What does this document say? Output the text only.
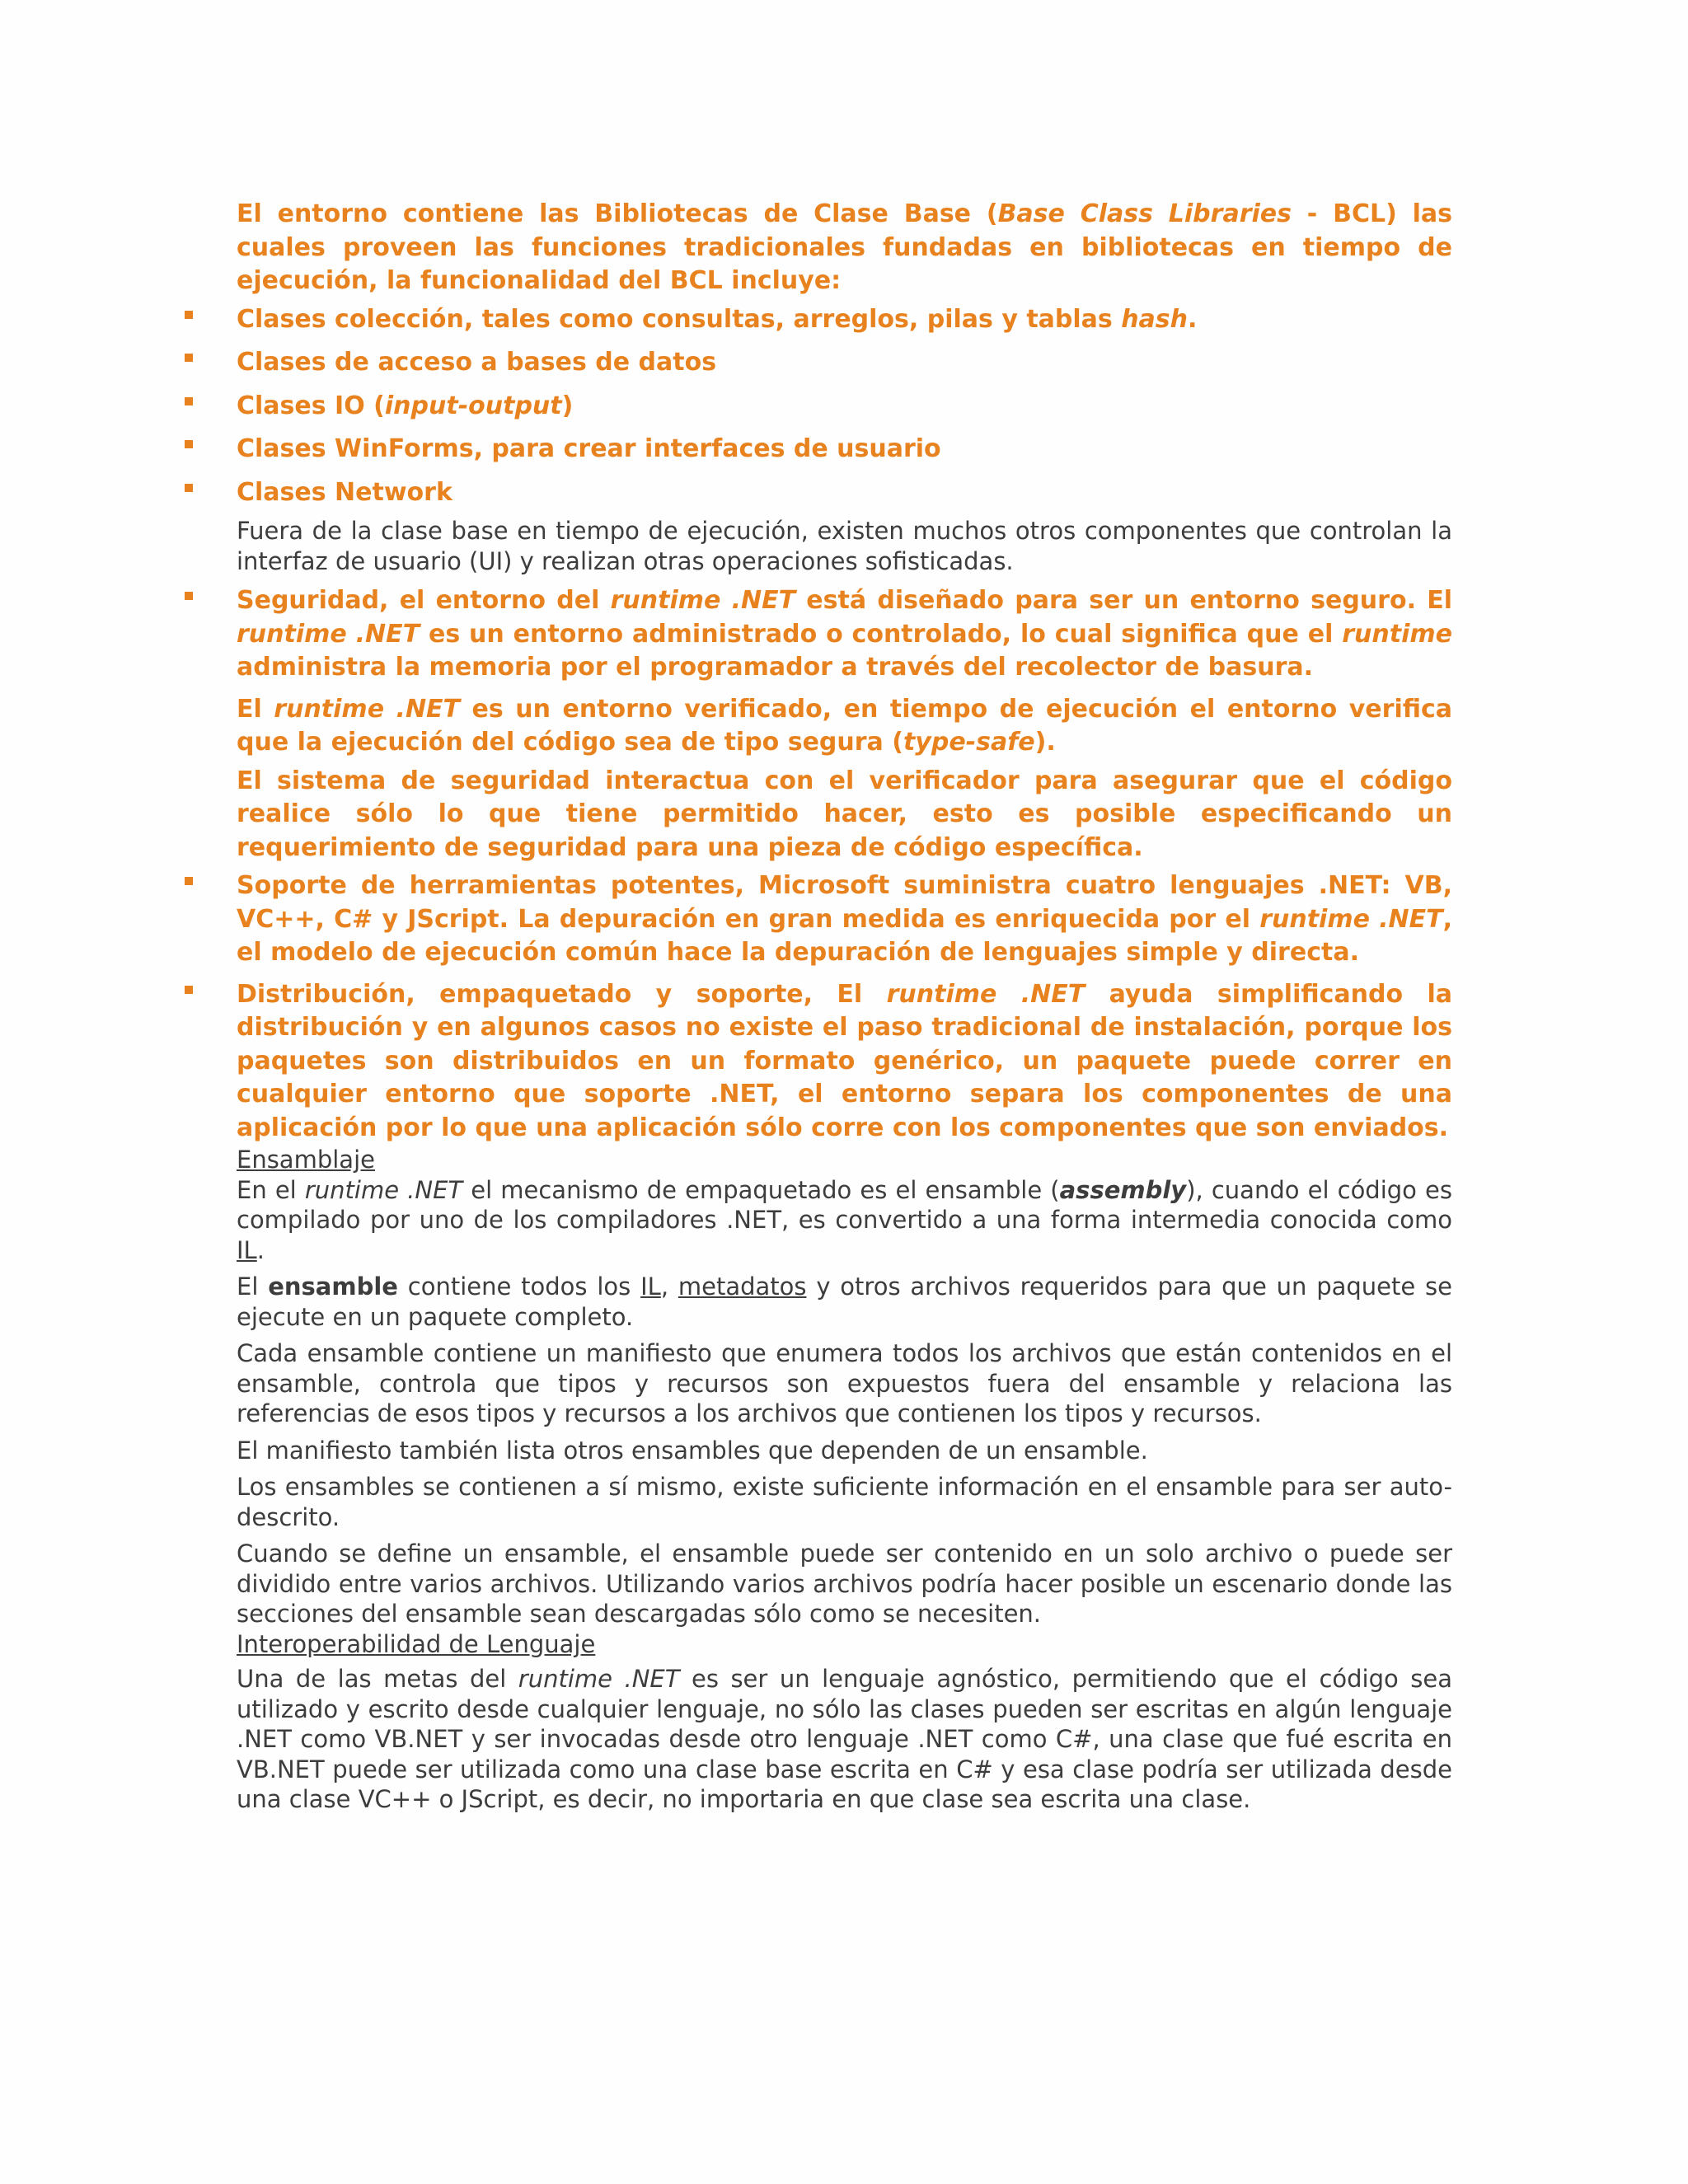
El entorno contiene las Bibliotecas de Clase Base (Base Class Libraries - BCL) las cuales proveen las funciones tradicionales fundadas en bibliotecas en tiempo de ejecución, la funcionalidad del BCL incluye:

Clases colección, tales como consultas, arreglos, pilas y tablas hash.

Clases de acceso a bases de datos

Clases IO (input-output)

Clases WinForms, para crear interfaces de usuario

Clases Network

Fuera de la clase base en tiempo de ejecución, existen muchos otros componentes que controlan la interfaz de usuario (UI) y realizan otras operaciones sofisticadas.

Seguridad, el entorno del runtime .NET está diseñado para ser un entorno seguro. El runtime .NET es un entorno administrado o controlado, lo cual significa que el runtime administra la memoria por el programador a través del recolector de basura.

El runtime .NET es un entorno verificado, en tiempo de ejecución el entorno verifica que la ejecución del código sea de tipo segura (type-safe).

El sistema de seguridad interactua con el verificador para asegurar que el código realice sólo lo que tiene permitido hacer, esto es posible especificando un requerimiento de seguridad para una pieza de código específica.

Soporte de herramientas potentes, Microsoft suministra cuatro lenguajes .NET: VB, VC++, C# y JScript. La depuración en gran medida es enriquecida por el runtime .NET, el modelo de ejecución común hace la depuración de lenguajes simple y directa.

Distribución, empaquetado y soporte, El runtime .NET ayuda simplificando la distribución y en algunos casos no existe el paso tradicional de instalación, porque los paquetes son distribuidos en un formato genérico, un paquete puede correr en cualquier entorno que soporte .NET, el entorno separa los componentes de una aplicación por lo que una aplicación sólo corre con los componentes que son enviados.

Ensamblaje

En el runtime .NET el mecanismo de empaquetado es el ensamble (assembly), cuando el código es compilado por uno de los compiladores .NET, es convertido a una forma intermedia conocida como IL.

El ensamble contiene todos los IL, metadatos y otros archivos requeridos para que un paquete se ejecute en un paquete completo.

Cada ensamble contiene un manifiesto que enumera todos los archivos que están contenidos en el ensamble, controla que tipos y recursos son expuestos fuera del ensamble y relaciona las referencias de esos tipos y recursos a los archivos que contienen los tipos y recursos.

El manifiesto también lista otros ensambles que dependen de un ensamble.

Los ensambles se contienen a sí mismo, existe suficiente información en el ensamble para ser auto-descrito.

Cuando se define un ensamble, el ensamble puede ser contenido en un solo archivo o puede ser dividido entre varios archivos. Utilizando varios archivos podría hacer posible un escenario donde las secciones del ensamble sean descargadas sólo como se necesiten.

Interoperabilidad de Lenguaje

Una de las metas del runtime .NET es ser un lenguaje agnóstico, permitiendo que el código sea utilizado y escrito desde cualquier lenguaje, no sólo las clases pueden ser escritas en algún lenguaje .NET como VB.NET y ser invocadas desde otro lenguaje .NET como C#, una clase que fué escrita en VB.NET puede ser utilizada como una clase base escrita en C# y esa clase podría ser utilizada desde una clase VC++ o JScript, es decir, no importaria en que clase sea escrita una clase.
